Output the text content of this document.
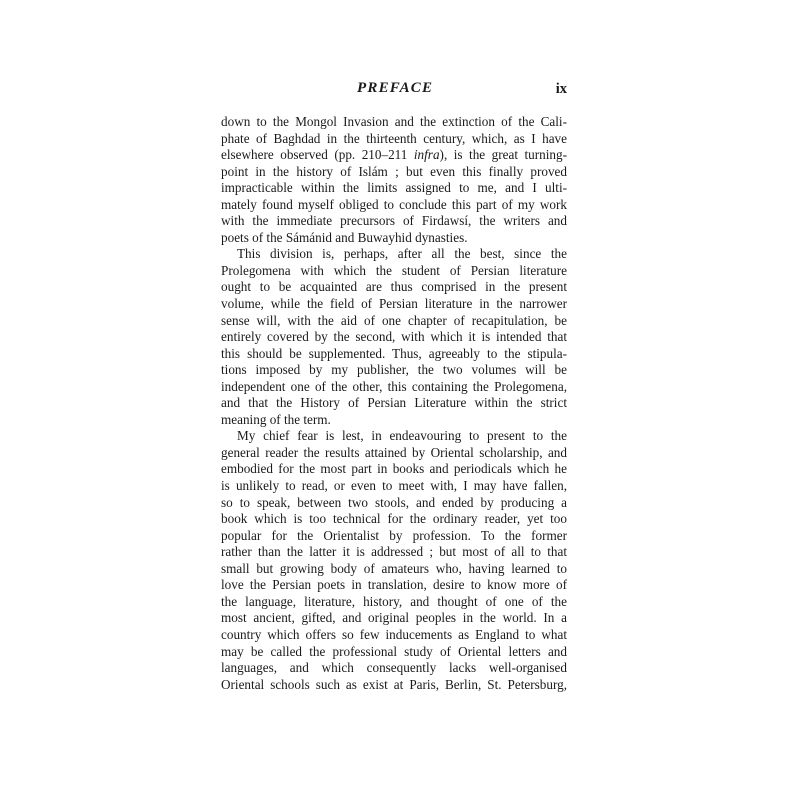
PREFACE	ix

down to the Mongol Invasion and the extinction of the Cali-
phate of Baghdad in the thirteenth century, which, as I have
elsewhere observed (pp. 210–211 infra), is the great turning-
point in the history of Islám ; but even this finally proved
impracticable within the limits assigned to me, and I ulti-
mately found myself obliged to conclude this part of my work
with the immediate precursors of Firdawsí, the writers and
poets of the Sámánid and Buwayhid dynasties.

This division is, perhaps, after all the best, since the
Prolegomena with which the student of Persian literature
ought to be acquainted are thus comprised in the present
volume, while the field of Persian literature in the narrower
sense will, with the aid of one chapter of recapitulation, be
entirely covered by the second, with which it is intended that
this should be supplemented. Thus, agreeably to the stipula-
tions imposed by my publisher, the two volumes will be
independent one of the other, this containing the Prolegomena,
and that the History of Persian Literature within the strict
meaning of the term.

My chief fear is lest, in endeavouring to present to the
general reader the results attained by Oriental scholarship, and
embodied for the most part in books and periodicals which he
is unlikely to read, or even to meet with, I may have fallen,
so to speak, between two stools, and ended by producing a
book which is too technical for the ordinary reader, yet too
popular for the Orientalist by profession. To the former
rather than the latter it is addressed ; but most of all to that
small but growing body of amateurs who, having learned to
love the Persian poets in translation, desire to know more of
the language, literature, history, and thought of one of the
most ancient, gifted, and original peoples in the world. In a
country which offers so few inducements as England to what
may be called the professional study of Oriental letters and
languages, and which consequently lacks well-organised
Oriental schools such as exist at Paris, Berlin, St. Petersburg,
